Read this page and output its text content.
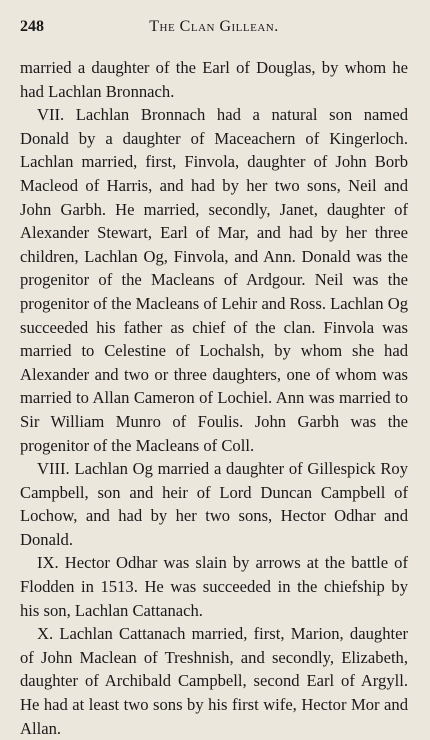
248	The Clan Gillean.

married a daughter of the Earl of Douglas, by whom he had Lachlan Bronnach.

VII. Lachlan Bronnach had a natural son named Donald by a daughter of Maceachern of Kingerloch. Lachlan married, first, Finvola, daughter of John Borb Macleod of Harris, and had by her two sons, Neil and John Garbh. He married, secondly, Janet, daughter of Alexander Stewart, Earl of Mar, and had by her three children, Lachlan Og, Finvola, and Ann. Donald was the progenitor of the Macleans of Ardgour. Neil was the progenitor of the Macleans of Lehir and Ross. Lachlan Og succeeded his father as chief of the clan. Finvola was married to Celestine of Lochalsh, by whom she had Alexander and two or three daughters, one of whom was married to Allan Cameron of Lochiel. Ann was married to Sir William Munro of Foulis. John Garbh was the progenitor of the Macleans of Coll.

VIII. Lachlan Og married a daughter of Gillespick Roy Campbell, son and heir of Lord Duncan Campbell of Lochow, and had by her two sons, Hector Odhar and Donald.

IX. Hector Odhar was slain by arrows at the battle of Flodden in 1513. He was succeeded in the chiefship by his son, Lachlan Cattanach.

X. Lachlan Cattanach married, first, Marion, daughter of John Maclean of Treshnish, and secondly, Elizabeth, daughter of Archibald Campbell, second Earl of Argyll. He had at least two sons by his first wife, Hector Mor and Allan.
